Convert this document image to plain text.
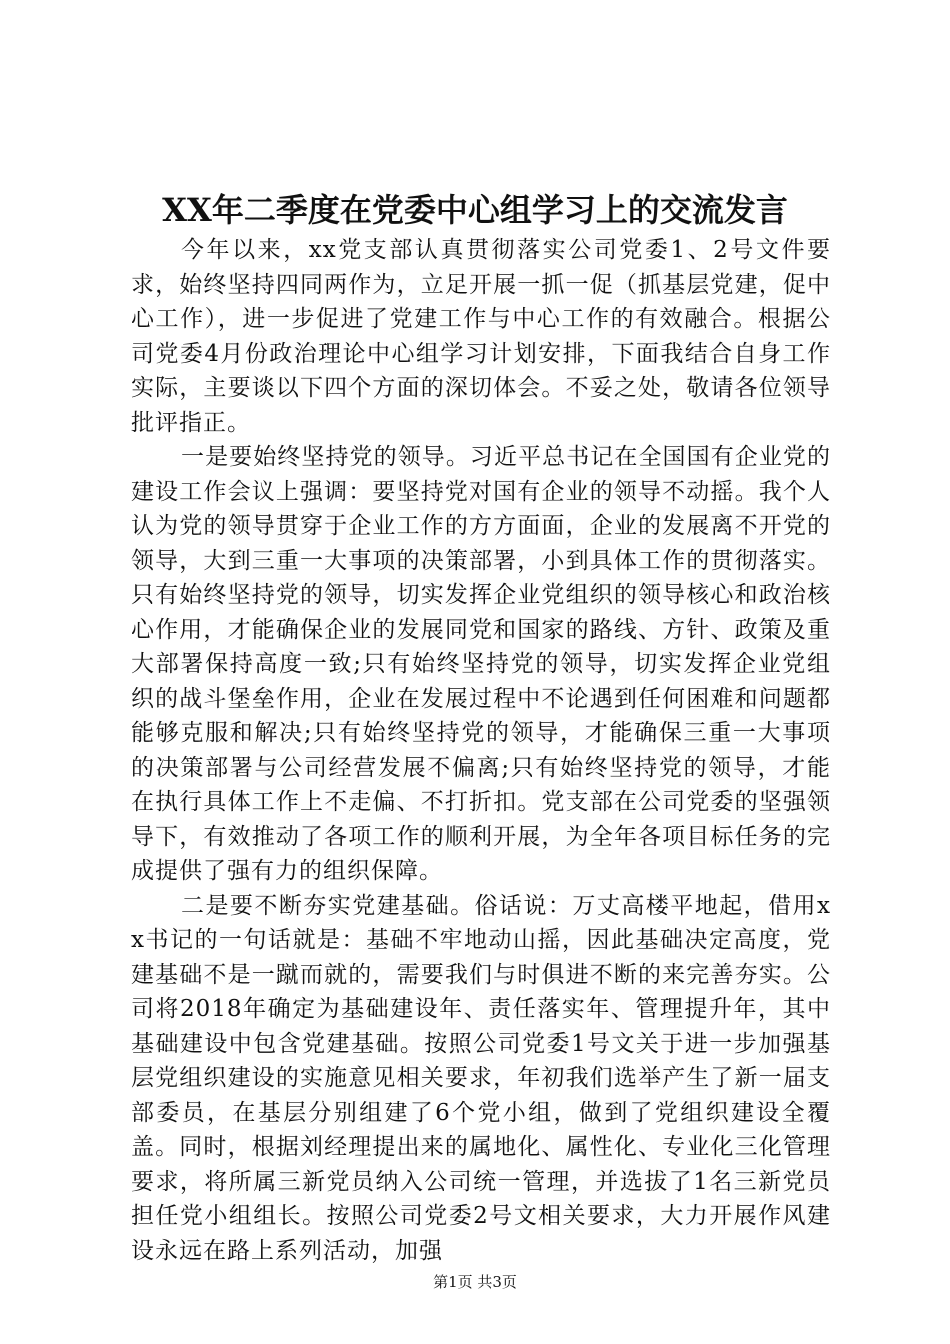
XX年二季度在党委中心组学习上的交流发言

今年以来，xx党支部认真贯彻落实公司党委1、2号文件要求，始终坚持四同两作为，立足开展一抓一促（抓基层党建，促中心工作），进一步促进了党建工作与中心工作的有效融合。根据公司党委4月份政治理论中心组学习计划安排，下面我结合自身工作实际，主要谈以下四个方面的深切体会。不妥之处，敬请各位领导批评指正。

一是要始终坚持党的领导。习近平总书记在全国国有企业党的建设工作会议上强调：要坚持党对国有企业的领导不动摇。我个人认为党的领导贯穿于企业工作的方方面面，企业的发展离不开党的领导，大到三重一大事项的决策部署，小到具体工作的贯彻落实。只有始终坚持党的领导，切实发挥企业党组织的领导核心和政治核心作用，才能确保企业的发展同党和国家的路线、方针、政策及重大部署保持高度一致;只有始终坚持党的领导，切实发挥企业党组织的战斗堡垒作用，企业在发展过程中不论遇到任何困难和问题都能够克服和解决;只有始终坚持党的领导，才能确保三重一大事项的决策部署与公司经营发展不偏离;只有始终坚持党的领导，才能在执行具体工作上不走偏、不打折扣。党支部在公司党委的坚强领导下，有效推动了各项工作的顺利开展，为全年各项目标任务的完成提供了强有力的组织保障。

二是要不断夯实党建基础。俗话说：万丈高楼平地起，借用xx书记的一句话就是：基础不牢地动山摇，因此基础决定高度，党建基础不是一蹴而就的，需要我们与时俱进不断的来完善夯实。公司将2018年确定为基础建设年、责任落实年、管理提升年，其中基础建设中包含党建基础。按照公司党委1号文关于进一步加强基层党组织建设的实施意见相关要求，年初我们选举产生了新一届支部委员，在基层分别组建了6个党小组，做到了党组织建设全覆盖。同时，根据刘经理提出来的属地化、属性化、专业化三化管理要求，将所属三新党员纳入公司统一管理，并选拔了1名三新党员担任党小组组长。按照公司党委2号文相关要求，大力开展作风建设永远在路上系列活动，加强

第1页 共3页
